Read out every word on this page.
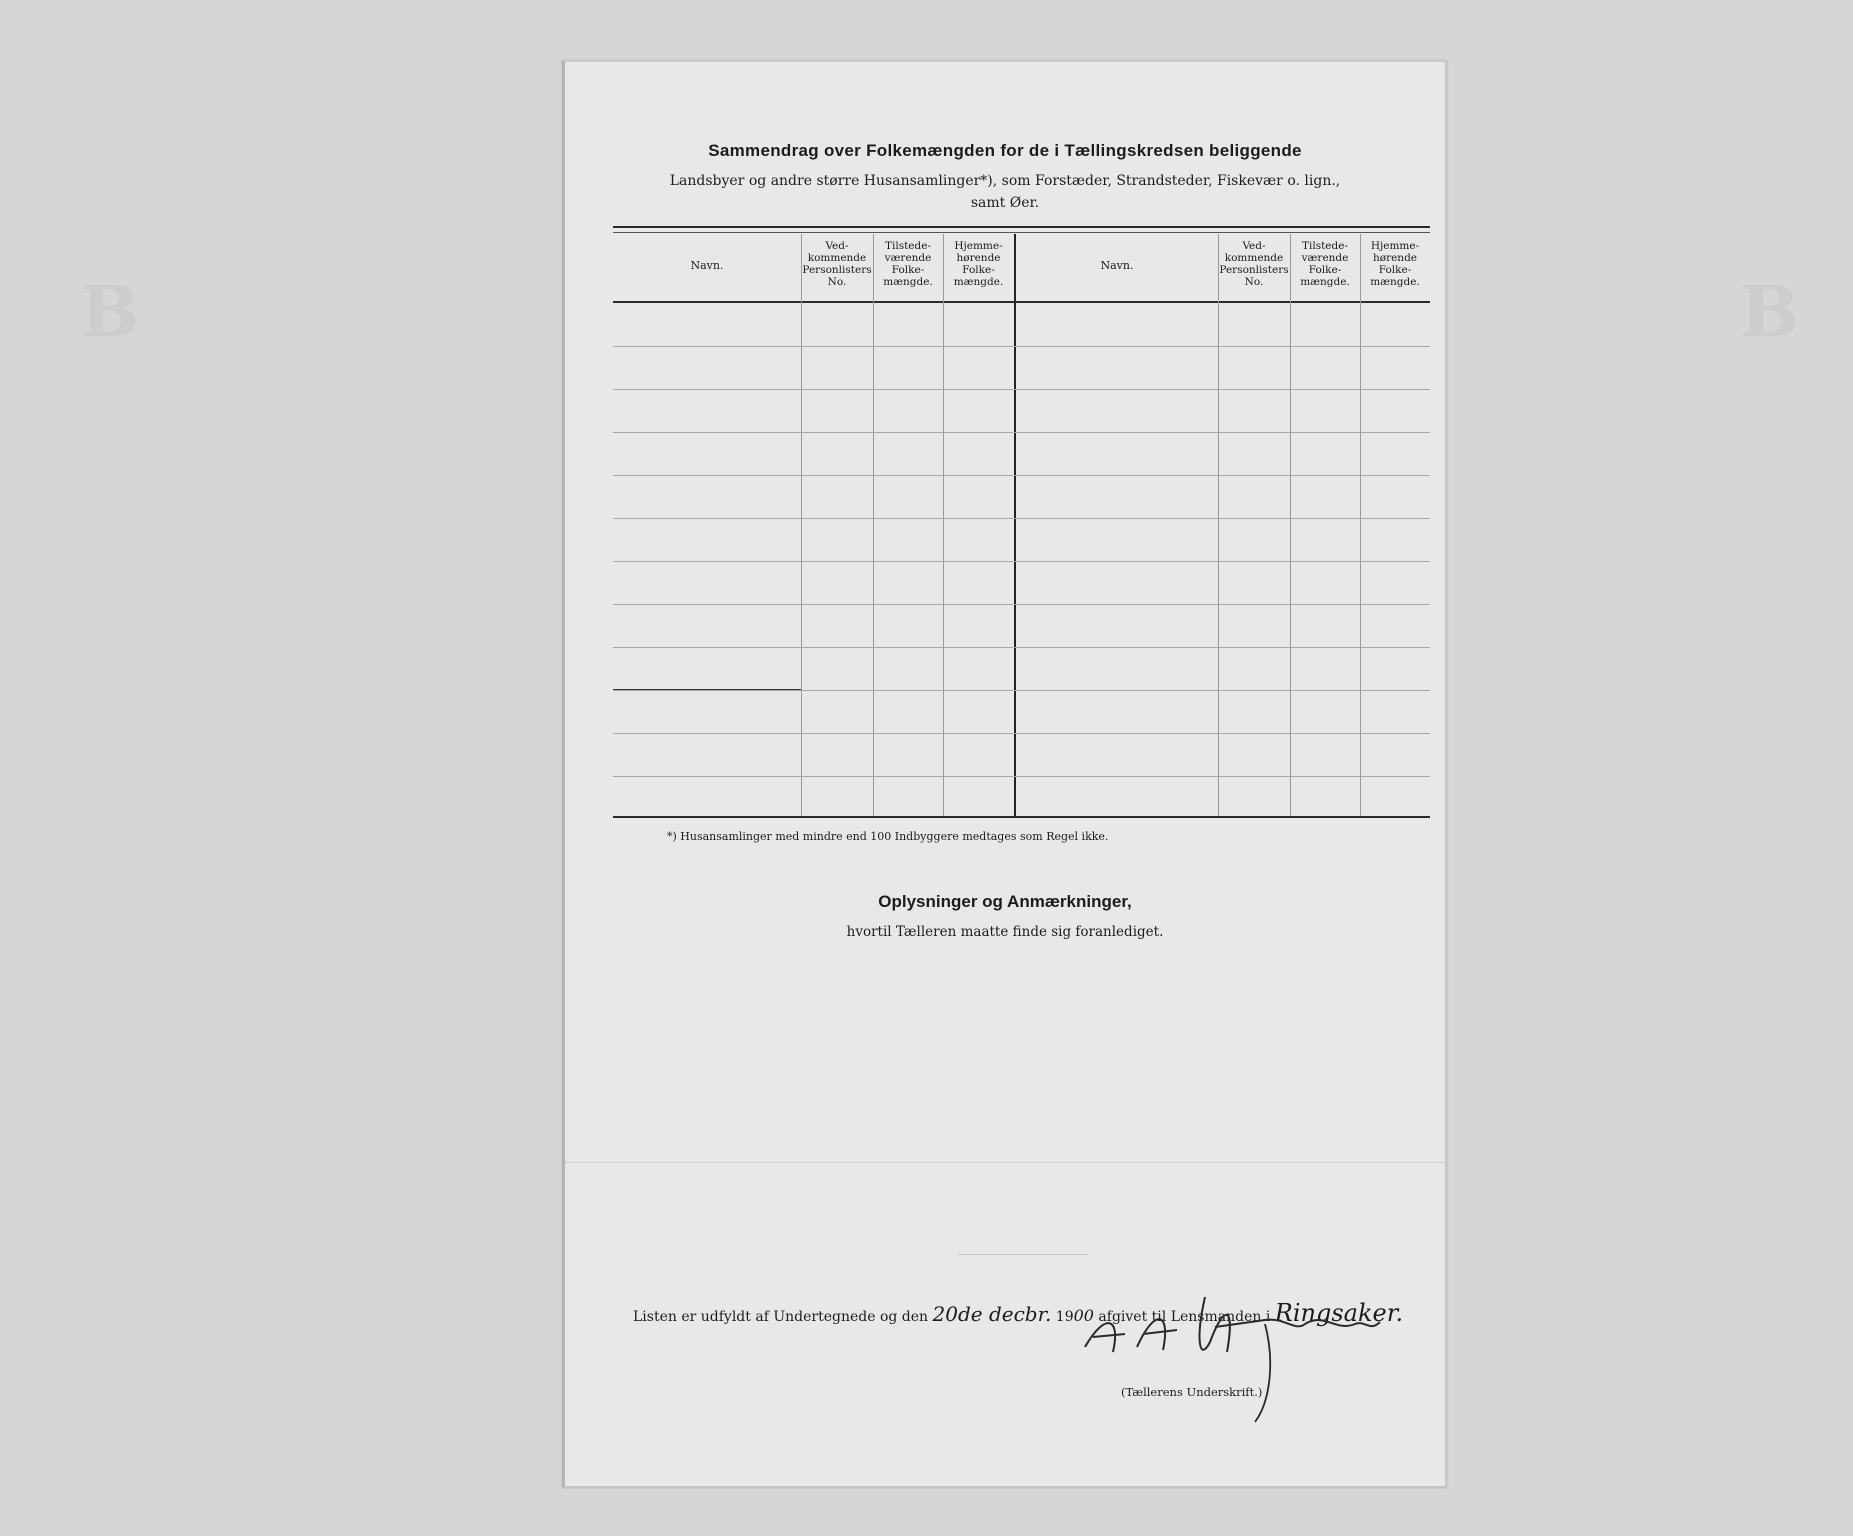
B	B
Sammendrag over Folkemængden for de i Tællingskredsen beliggende
Landsbyer og andre større Husansamlinger*), som Forstæder, Strandsteder, Fiskevær o. lign.,
samt Øer.
Navn.
Ved-
kommende
Personlisters
No.
Tilstede-
værende
Folke-
mængde.
Hjemme-
hørende
Folke-
mængde.
Navn.
Ved-
kommende
Personlisters
No.
Tilstede-
værende
Folke-
mængde.
Hjemme-
hørende
Folke-
mængde.
*) Husansamlinger med mindre end 100 Indbyggere medtages som Regel ikke.
Oplysninger og Anmærkninger,
hvortil Tælleren maatte finde sig foranlediget.
Listen er udfyldt af Undertegnede og den 20de decbr. 1900 afgivet til Lensmanden i Ringsaker.
(Tællerens Underskrift.)
